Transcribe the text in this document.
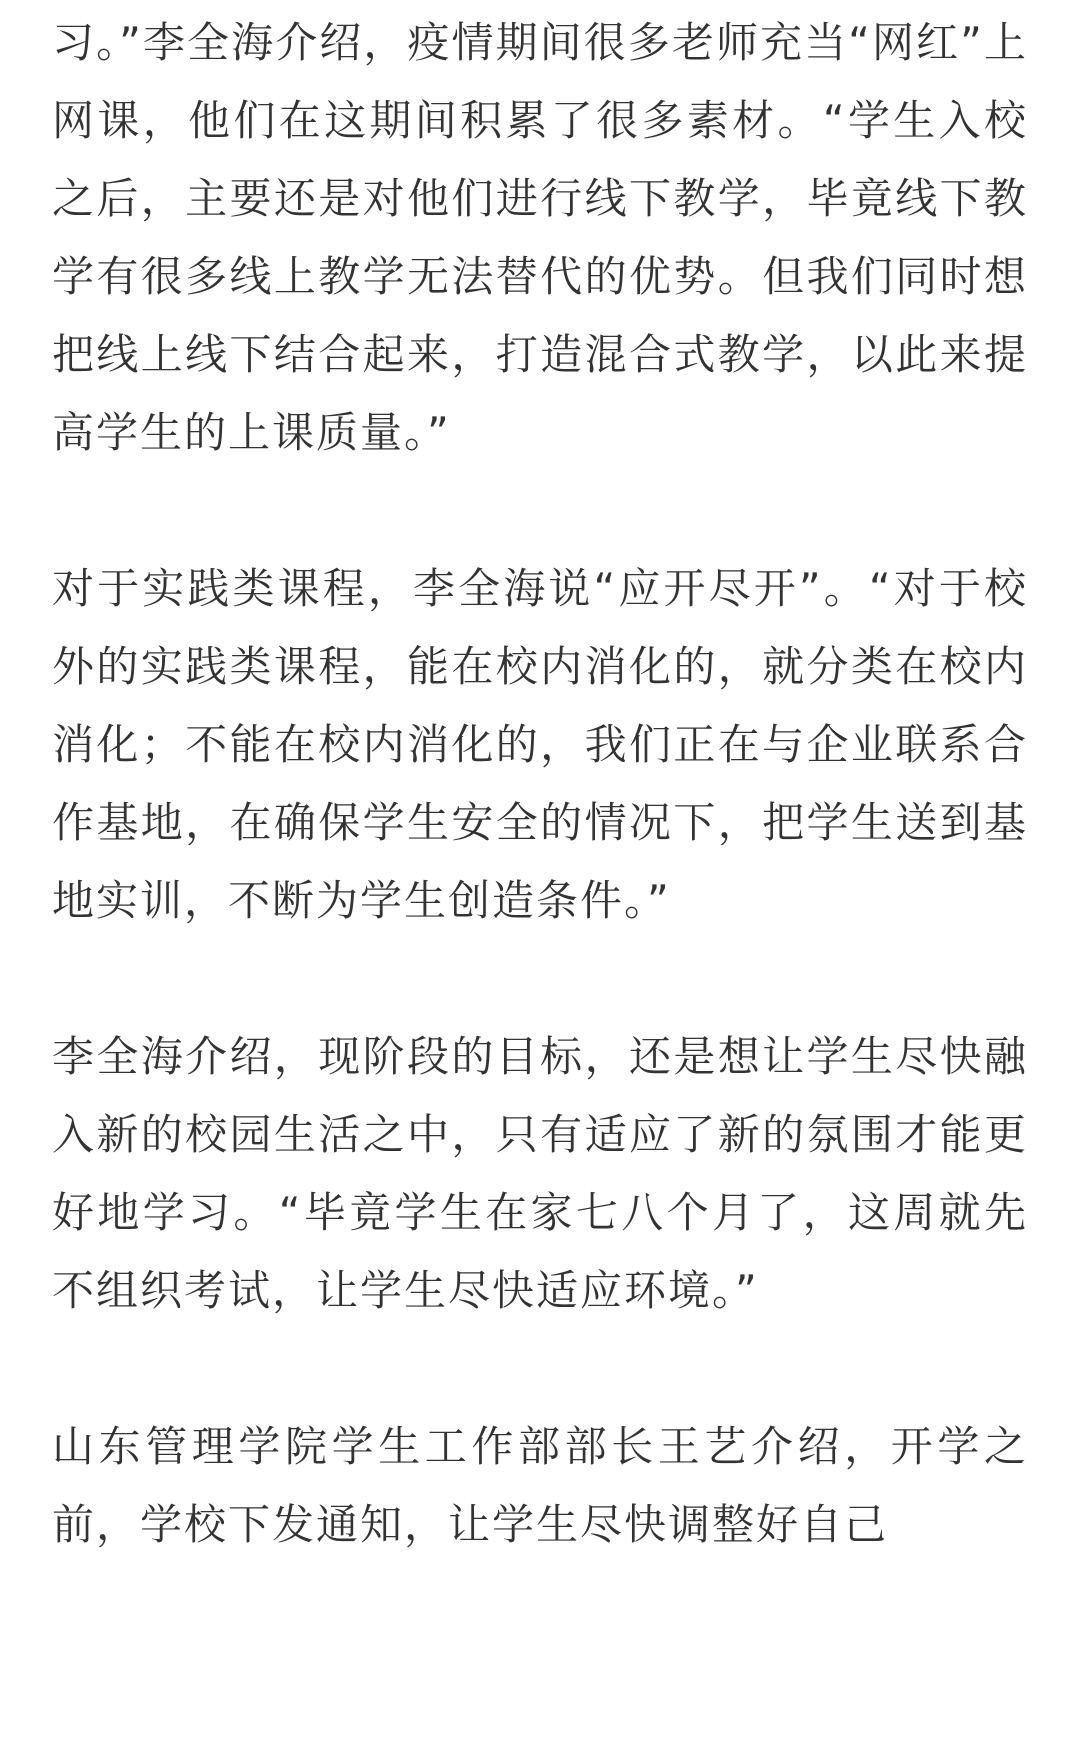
习。”李全海介绍，疫情期间很多老师充当“网红”上网课，他们在这期间积累了很多素材。“学生入校之后，主要还是对他们进行线下教学，毕竟线下教学有很多线上教学无法替代的优势。但我们同时想把线上线下结合起来，打造混合式教学，以此来提高学生的上课质量。”

对于实践类课程，李全海说“应开尽开”。“对于校外的实践类课程，能在校内消化的，就分类在校内消化；不能在校内消化的，我们正在与企业联系合作基地，在确保学生安全的情况下，把学生送到基地实训，不断为学生创造条件。”

李全海介绍，现阶段的目标，还是想让学生尽快融入新的校园生活之中，只有适应了新的氛围才能更好地学习。“毕竟学生在家七八个月了，这周就先不组织考试，让学生尽快适应环境。”

山东管理学院学生工作部部长王艺介绍，开学之前，学校下发通知，让学生尽快调整好自己
